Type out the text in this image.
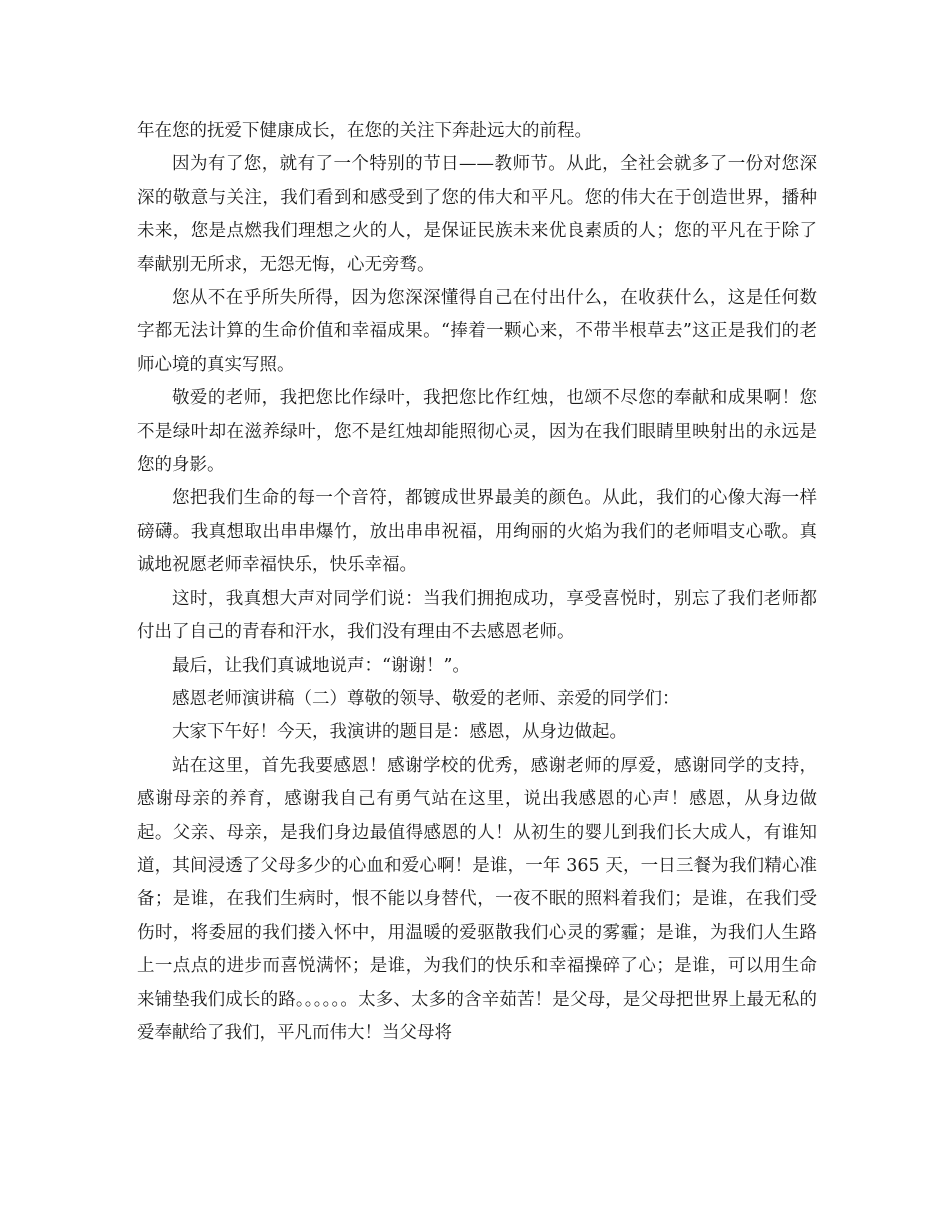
年在您的抚爱下健康成长，在您的关注下奔赴远大的前程。

因为有了您，就有了一个特别的节日——教师节。从此，全社会就多了一份对您深深的敬意与关注，我们看到和感受到了您的伟大和平凡。您的伟大在于创造世界，播种未来，您是点燃我们理想之火的人，是保证民族未来优良素质的人；您的平凡在于除了奉献别无所求，无怨无悔，心无旁骛。

您从不在乎所失所得，因为您深深懂得自己在付出什么，在收获什么，这是任何数字都无法计算的生命价值和幸福成果。“捧着一颗心来，不带半根草去”这正是我们的老师心境的真实写照。

敬爱的老师，我把您比作绿叶，我把您比作红烛，也颂不尽您的奉献和成果啊！您不是绿叶却在滋养绿叶，您不是红烛却能照彻心灵，因为在我们眼睛里映射出的永远是您的身影。

您把我们生命的每一个音符，都镀成世界最美的颜色。从此，我们的心像大海一样磅礴。我真想取出串串爆竹，放出串串祝福，用绚丽的火焰为我们的老师唱支心歌。真诚地祝愿老师幸福快乐，快乐幸福。

这时，我真想大声对同学们说：当我们拥抱成功，享受喜悦时，别忘了我们老师都付出了自己的青春和汗水，我们没有理由不去感恩老师。

最后，让我们真诚地说声：“谢谢！”。

感恩老师演讲稿（二）尊敬的领导、敬爱的老师、亲爱的同学们：

大家下午好！今天，我演讲的题目是：感恩，从身边做起。

站在这里，首先我要感恩！感谢学校的优秀，感谢老师的厚爱，感谢同学的支持，感谢母亲的养育，感谢我自己有勇气站在这里，说出我感恩的心声！感恩，从身边做起。父亲、母亲，是我们身边最值得感恩的人！从初生的婴儿到我们长大成人，有谁知道，其间浸透了父母多少的心血和爱心啊！是谁，一年 365 天，一日三餐为我们精心准备；是谁，在我们生病时，恨不能以身替代，一夜不眠的照料着我们；是谁，在我们受伤时，将委屈的我们搂入怀中，用温暖的爱驱散我们心灵的雾霾；是谁，为我们人生路上一点点的进步而喜悦满怀；是谁，为我们的快乐和幸福操碎了心；是谁，可以用生命来铺垫我们成长的路。。。。。。太多、太多的含辛茹苦！是父母，是父母把世界上最无私的爱奉献给了我们，平凡而伟大！当父母将
